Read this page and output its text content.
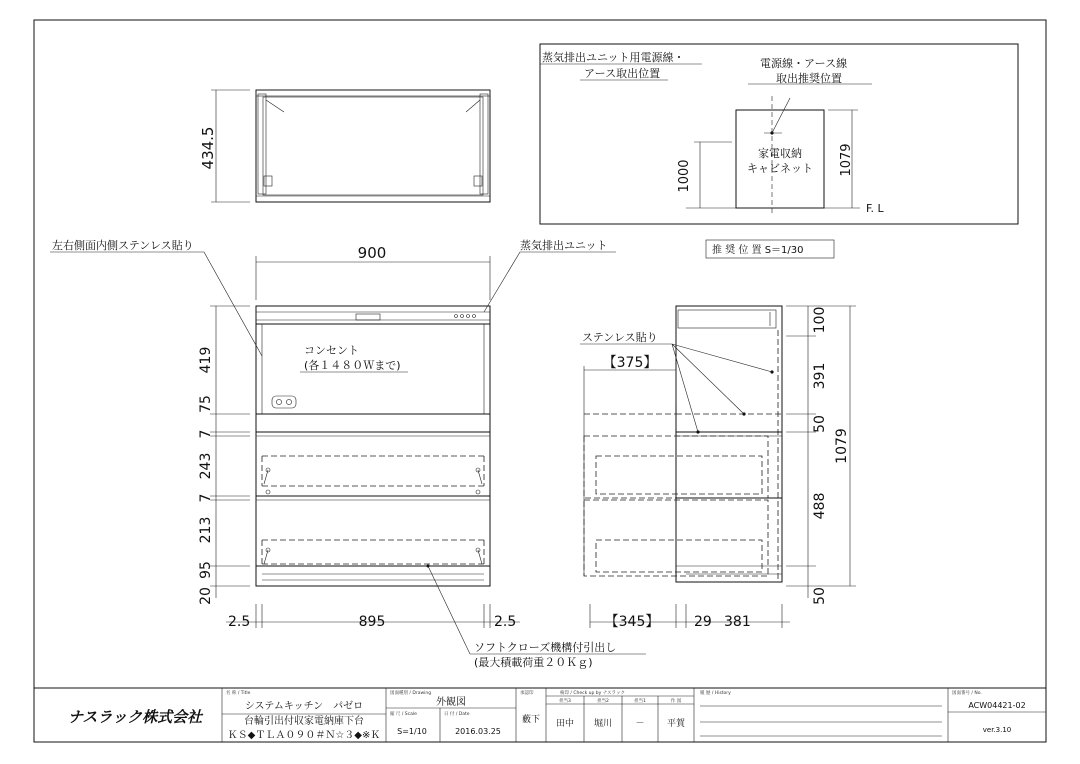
434.5
蒸気排出ユニット用電源線・
アース取出位置
電源線・アース線
取出推奨位置
家電収納
キャビネット
1000	1079
F. L
推 奨 位 置 S＝1/30
左右側面内側ステンレス貼り	蒸気排出ユニット
コンセント
(各１４８０Ｗまで)
ソフトクローズ機構付引出し
(最大積載荷重２０Ｋｇ)
900
419
75
7
243
7
213
95
20
2.5	895	2.5
ステンレス貼り
【375】
【345】 29 381
100
391
50
1079
488
50
ナスラック株式会社
名 称 / Title
システムキッチン　パゼロ
台輪引出付収家電納庫下台
ＫＳ◆ＴＬＡ０９０＃Ｎ☆３◆※Ｋ
図面種別 / Drawing
外観図
縮 尺 / Scale
S=1/10
日 付 / Date
2016.03.25
承認印
藪下
検印 / Check up by ナスラック
担当3	担当2	担当1	作 図
田中 堀川	－ 平賀
履 歴 / History	図面番号 / No.
ACW04421-02
ver.3.10
